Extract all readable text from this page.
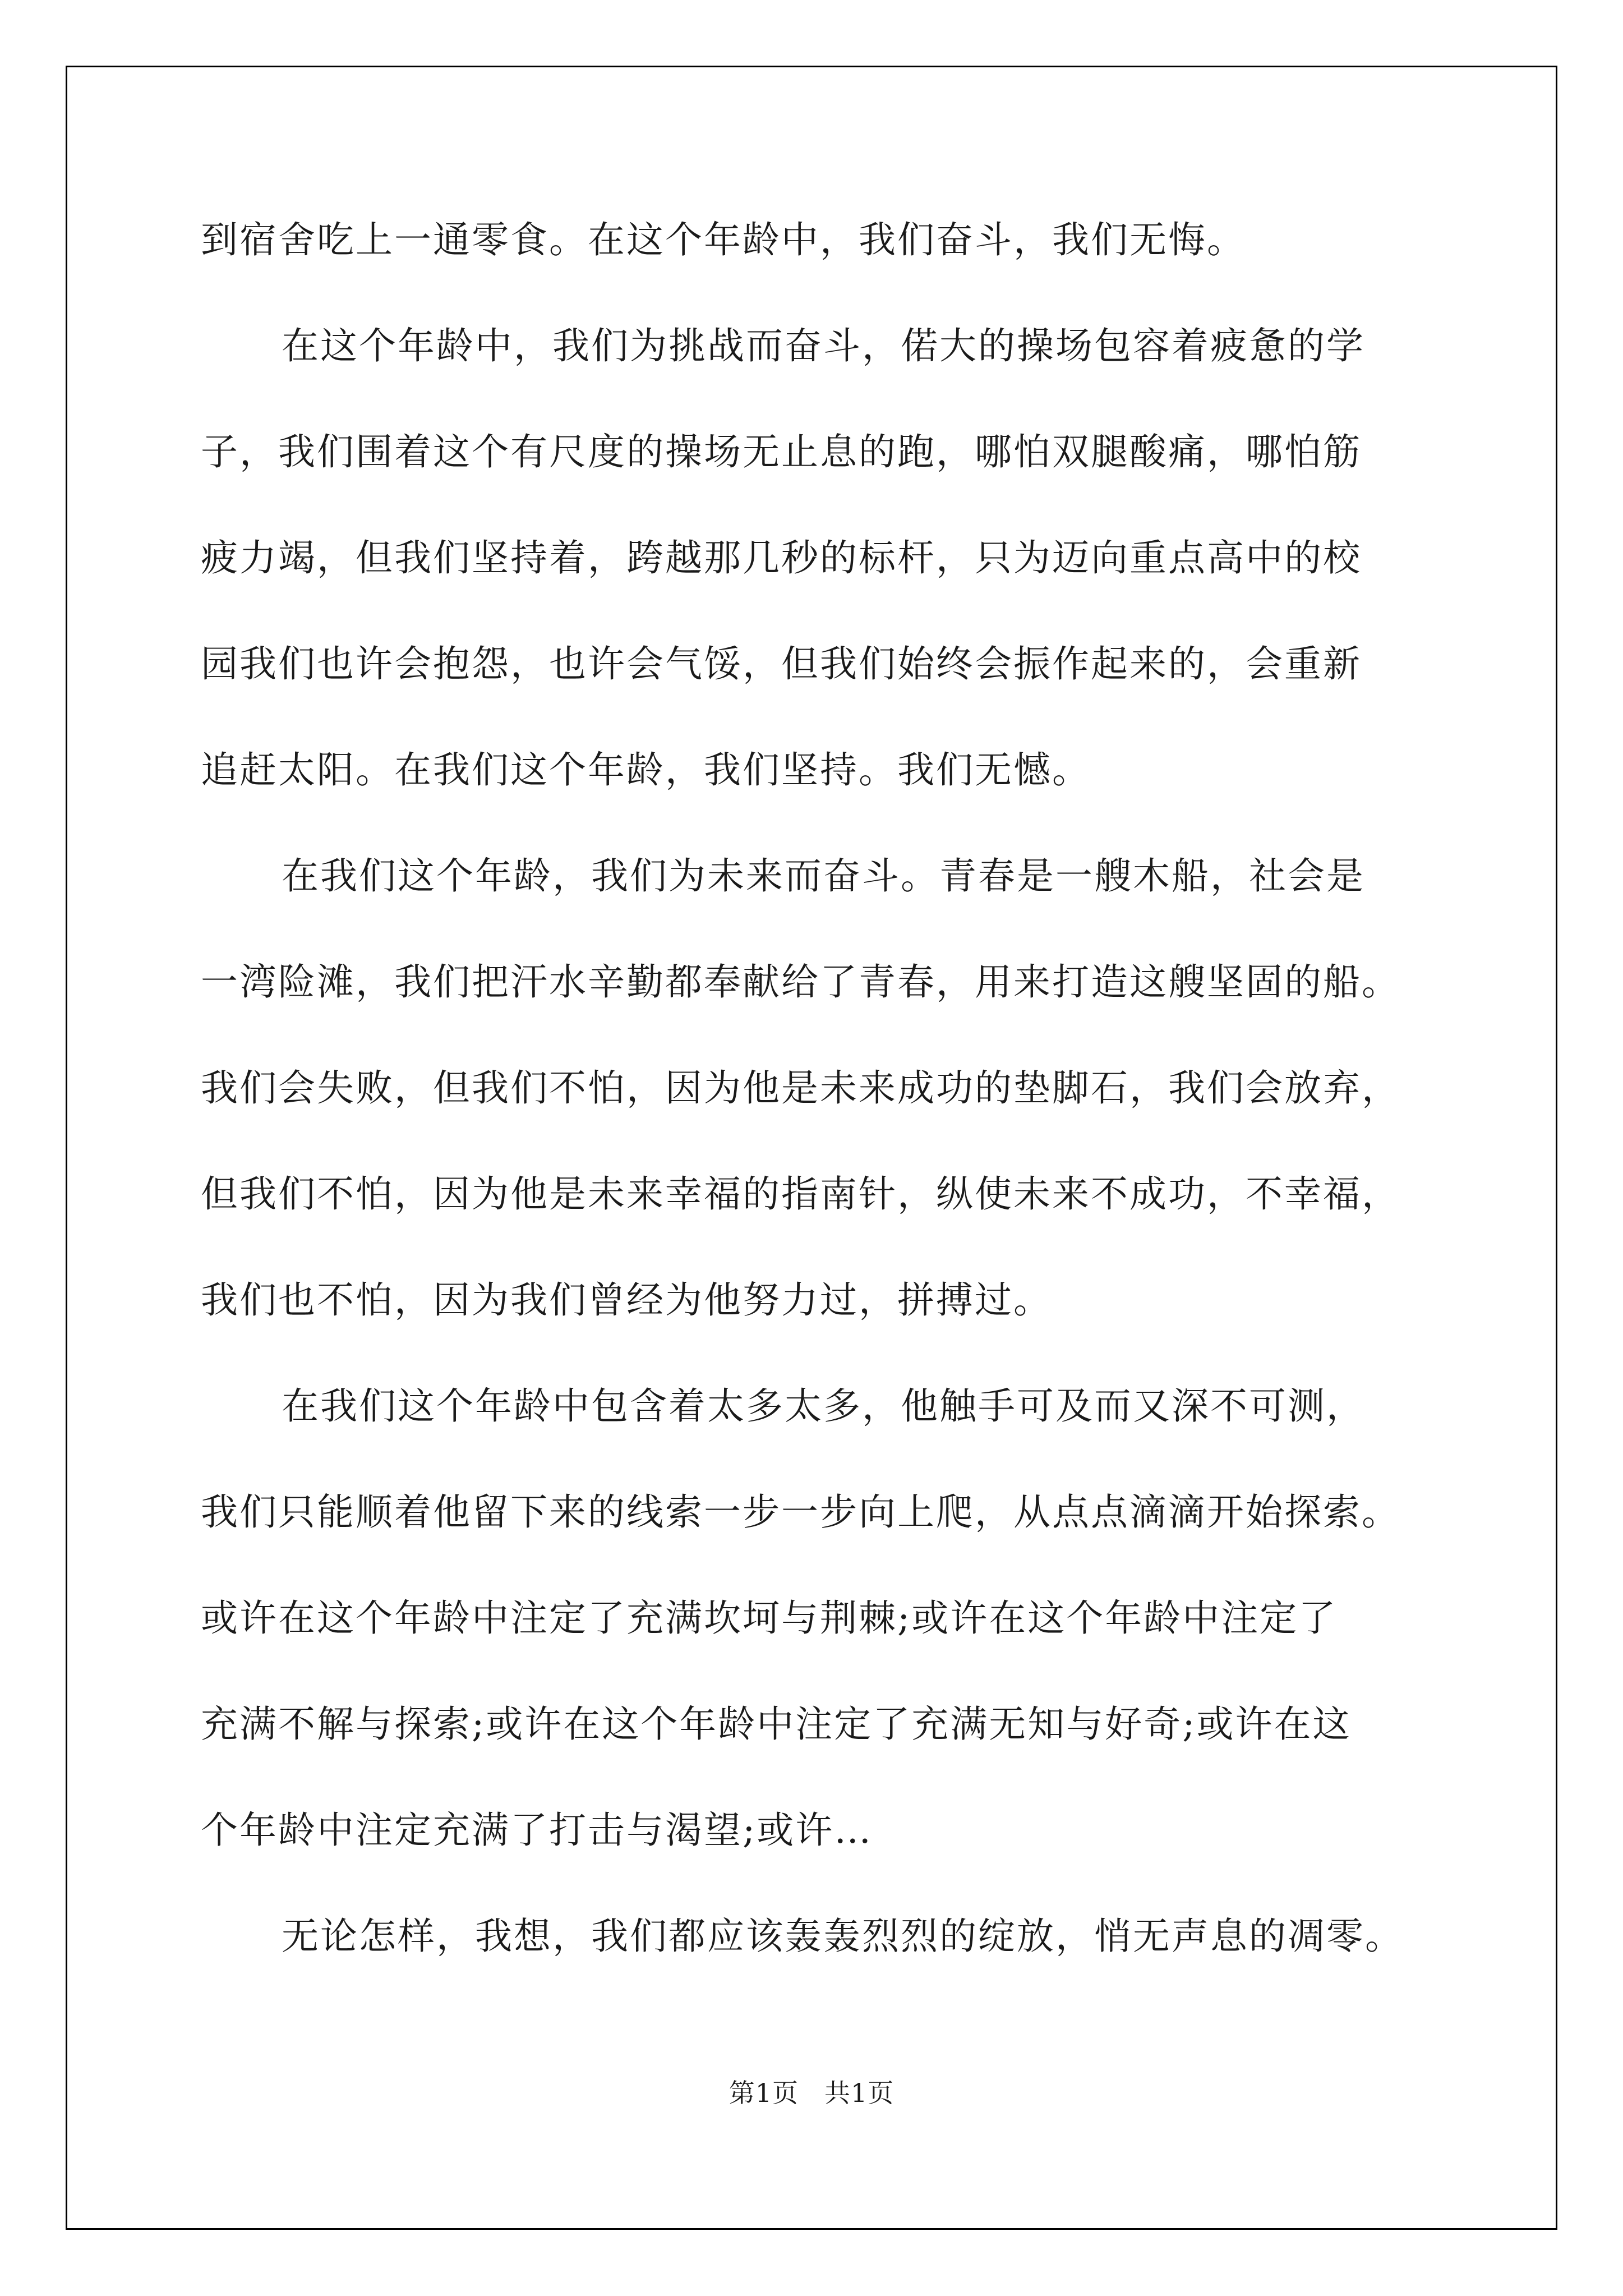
到宿舍吃上一通零食。在这个年龄中，我们奋斗，我们无悔。
在这个年龄中，我们为挑战而奋斗，偌大的操场包容着疲惫的学
子，我们围着这个有尺度的操场无止息的跑，哪怕双腿酸痛，哪怕筋
疲力竭，但我们坚持着，跨越那几秒的标杆，只为迈向重点高中的校
园我们也许会抱怨，也许会气馁，但我们始终会振作起来的，会重新
追赶太阳。在我们这个年龄，我们坚持。我们无憾。
在我们这个年龄，我们为未来而奋斗。青春是一艘木船，社会是
一湾险滩，我们把汗水辛勤都奉献给了青春，用来打造这艘坚固的船。
我们会失败，但我们不怕，因为他是未来成功的垫脚石，我们会放弃，
但我们不怕，因为他是未来幸福的指南针，纵使未来不成功，不幸福，
我们也不怕，因为我们曾经为他努力过，拼搏过。
在我们这个年龄中包含着太多太多，他触手可及而又深不可测，
我们只能顺着他留下来的线索一步一步向上爬，从点点滴滴开始探索。
或许在这个年龄中注定了充满坎坷与荆棘;或许在这个年龄中注定了
充满不解与探索;或许在这个年龄中注定了充满无知与好奇;或许在这
个年龄中注定充满了打击与渴望;或许…
无论怎样，我想，我们都应该轰轰烈烈的绽放，悄无声息的凋零。
第1页 共1页
